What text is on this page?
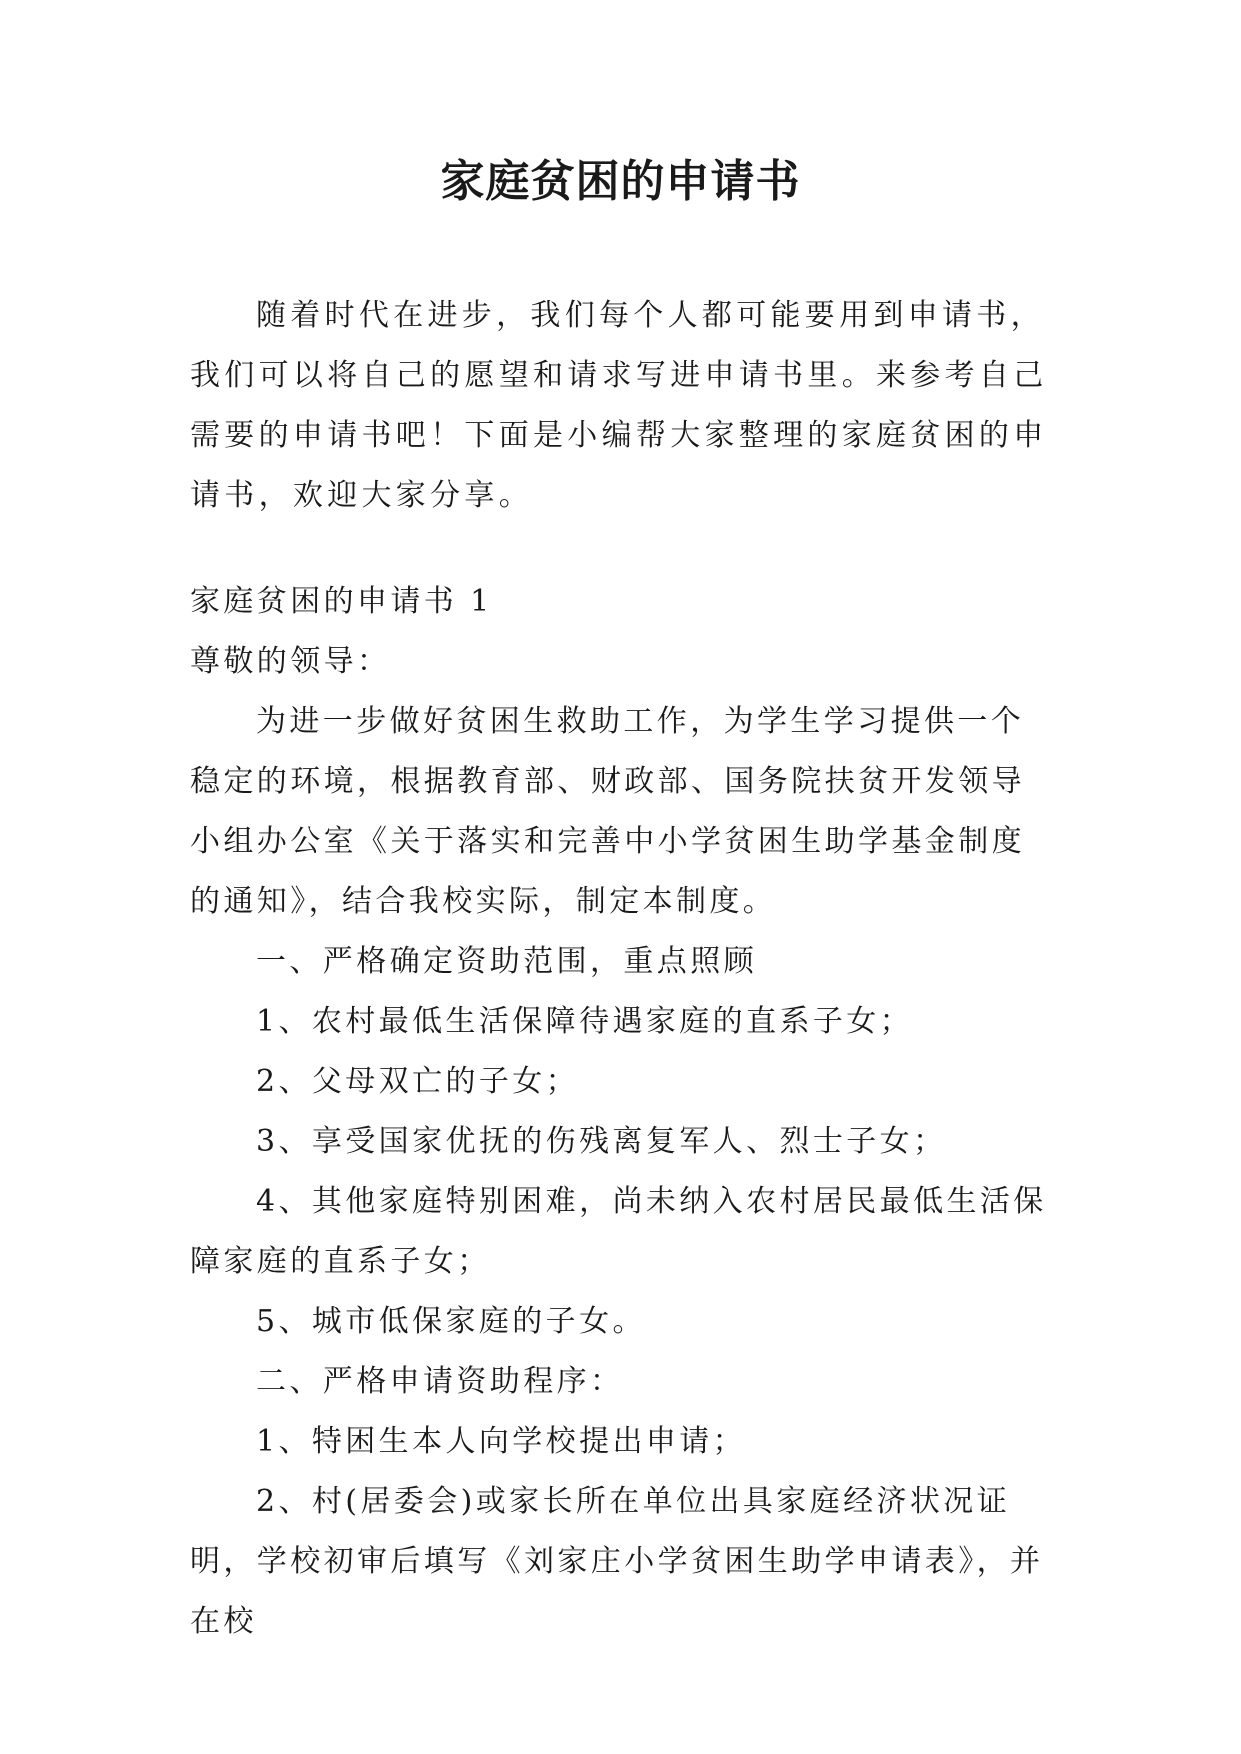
家庭贫困的申请书

随着时代在进步，我们每个人都可能要用到申请书，我们可以将自己的愿望和请求写进申请书里。来参考自己需要的申请书吧！下面是小编帮大家整理的家庭贫困的申请书，欢迎大家分享。

家庭贫困的申请书 1

尊敬的领导：

为进一步做好贫困生救助工作，为学生学习提供一个稳定的环境，根据教育部、财政部、国务院扶贫开发领导小组办公室《关于落实和完善中小学贫困生助学基金制度的通知》，结合我校实际，制定本制度。

一、严格确定资助范围，重点照顾

1、农村最低生活保障待遇家庭的直系子女；

2、父母双亡的子女；

3、享受国家优抚的伤残离复军人、烈士子女；

4、其他家庭特别困难，尚未纳入农村居民最低生活保障家庭的直系子女；

5、城市低保家庭的子女。

二、严格申请资助程序：

1、特困生本人向学校提出申请；

2、村(居委会)或家长所在单位出具家庭经济状况证明，学校初审后填写《刘家庄小学贫困生助学申请表》，并在校
